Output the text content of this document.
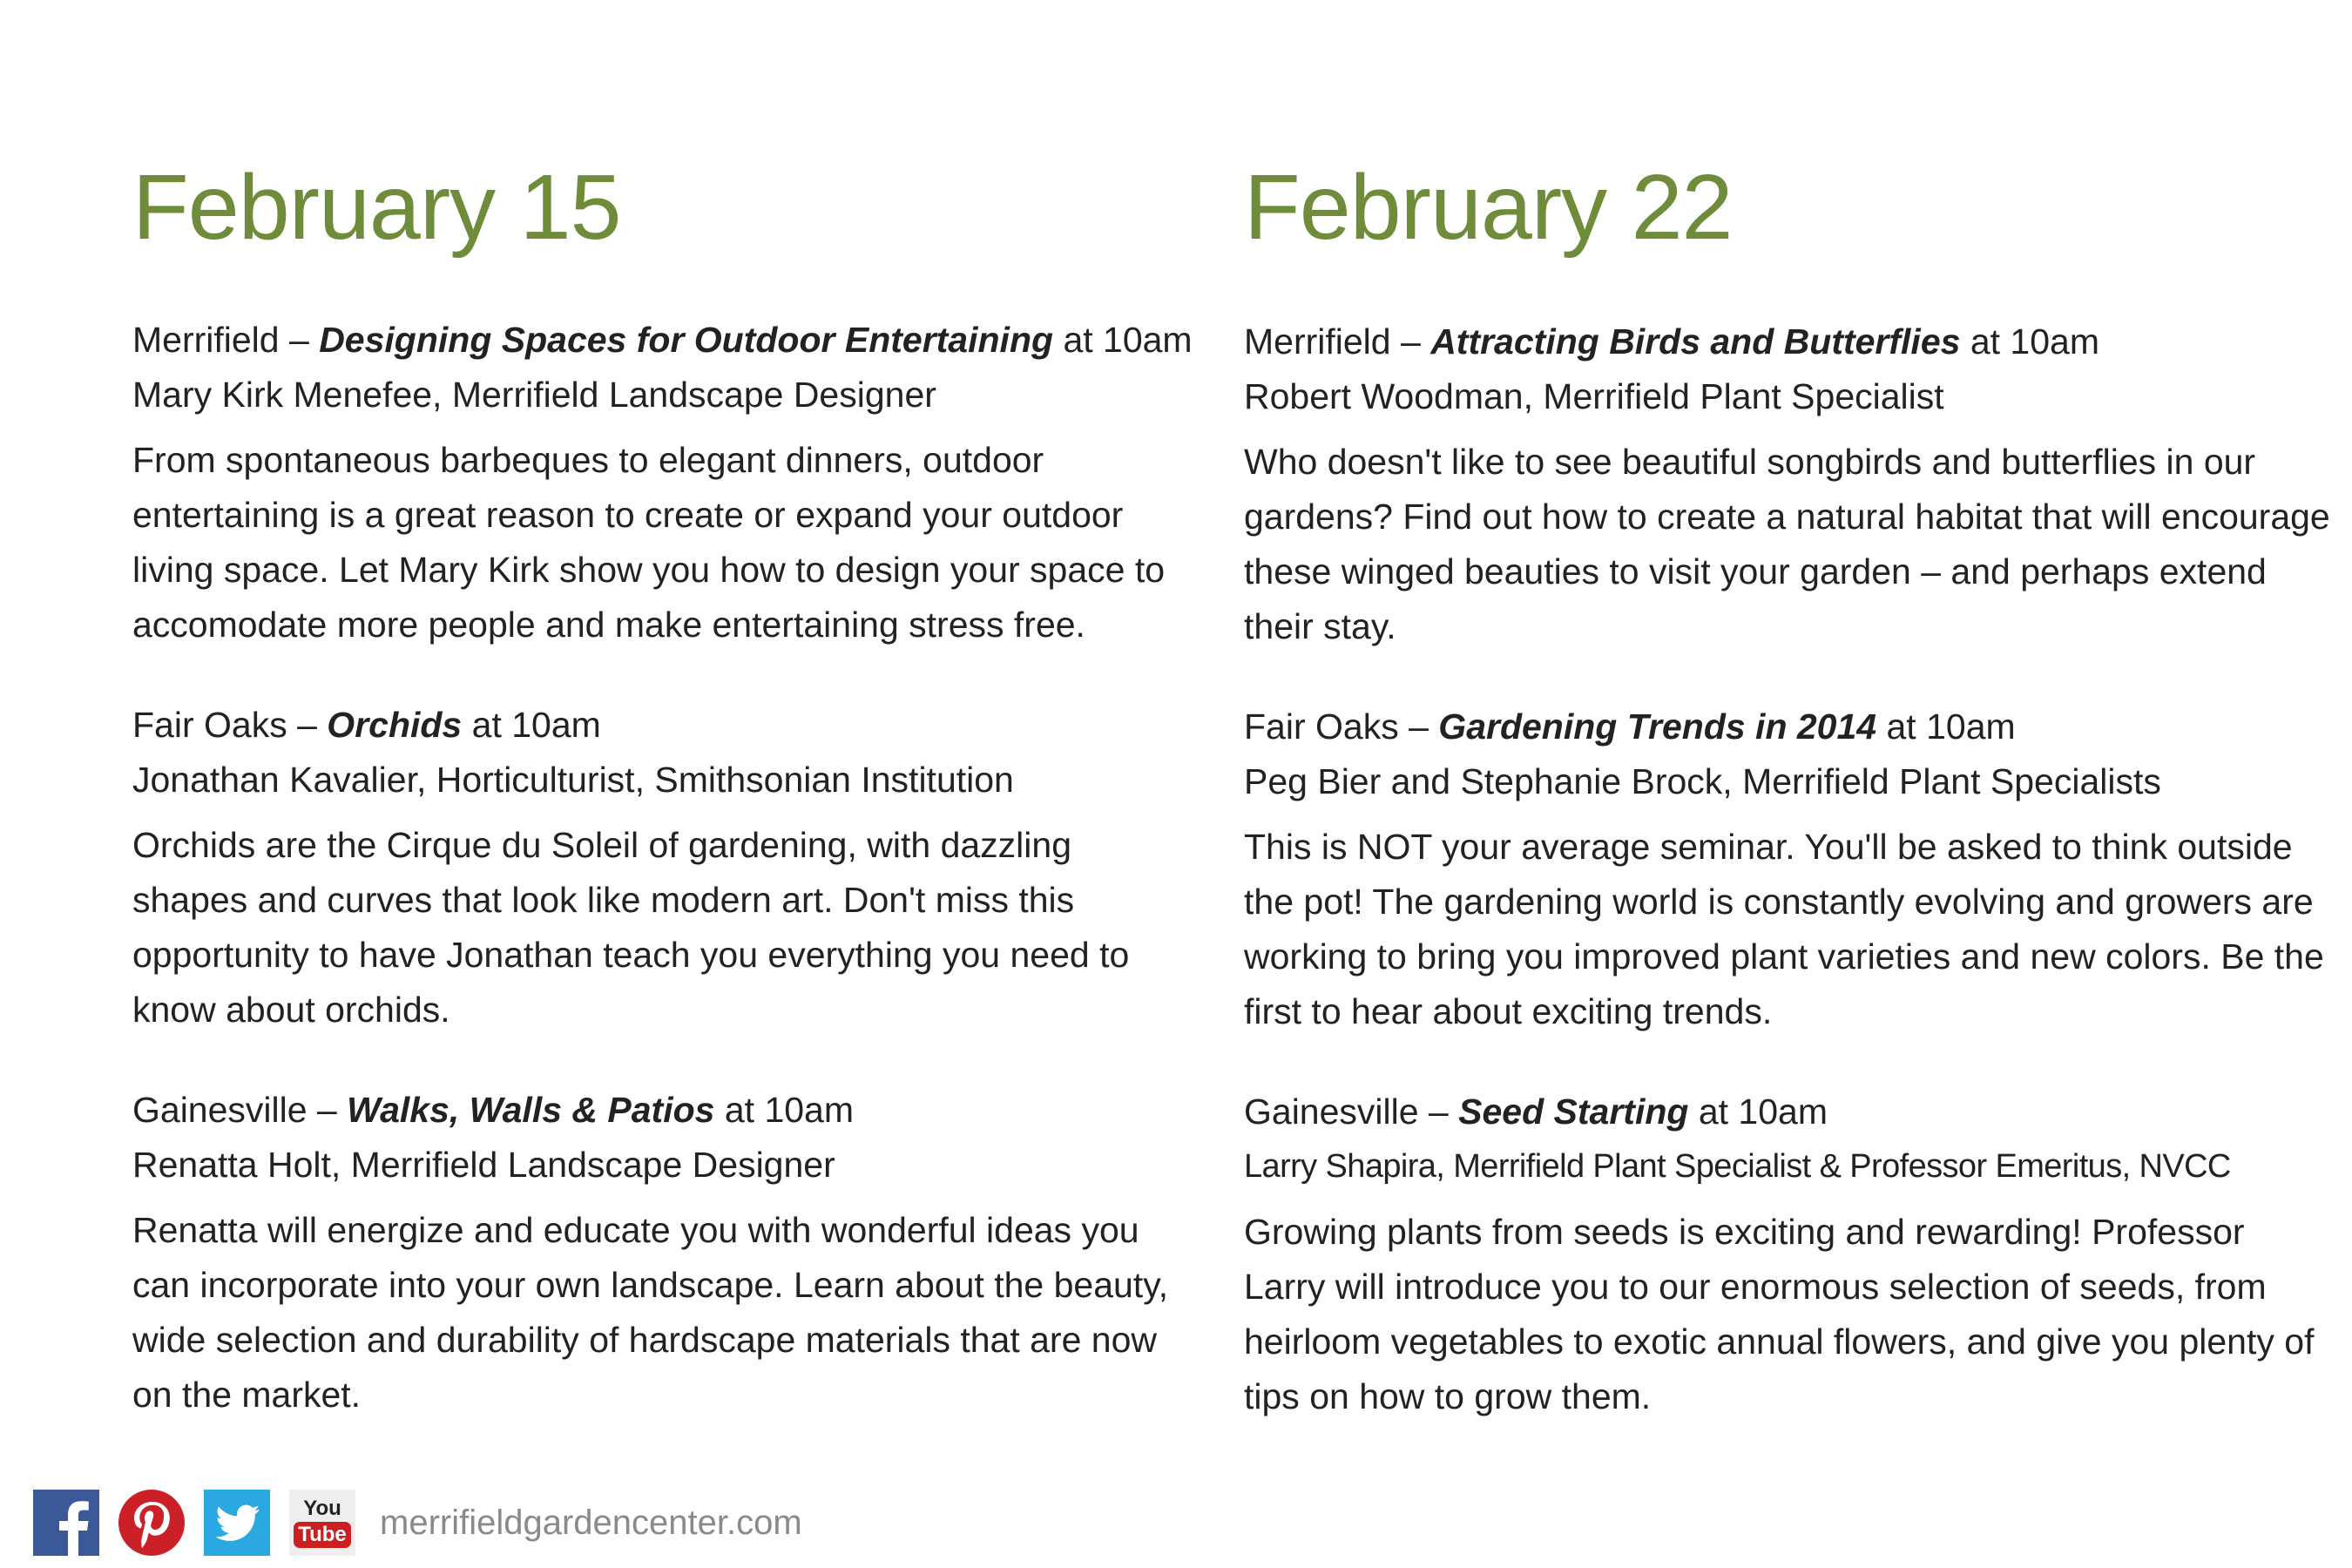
February 15
Merrifield – Designing Spaces for Outdoor Entertaining at 10am
Mary Kirk Menefee, Merrifield Landscape Designer

From spontaneous barbeques to elegant dinners, outdoor entertaining is a great reason to create or expand your outdoor living space. Let Mary Kirk show you how to design your space to accomodate more people and make entertaining stress free.

Fair Oaks – Orchids at 10am
Jonathan Kavalier, Horticulturist, Smithsonian Institution

Orchids are the Cirque du Soleil of gardening, with dazzling shapes and curves that look like modern art. Don't miss this opportunity to have Jonathan teach you everything you need to know about orchids.

Gainesville – Walks, Walls & Patios at 10am
Renatta Holt, Merrifield Landscape Designer

Renatta will energize and educate you with wonderful ideas you can incorporate into your own landscape. Learn about the beauty, wide selection and durability of hardscape materials that are now on the market.

February 22
Merrifield – Attracting Birds and Butterflies at 10am
Robert Woodman, Merrifield Plant Specialist

Who doesn't like to see beautiful songbirds and butterflies in our gardens? Find out how to create a natural habitat that will encourage these winged beauties to visit your garden – and perhaps extend their stay.

Fair Oaks – Gardening Trends in 2014 at 10am
Peg Bier and Stephanie Brock, Merrifield Plant Specialists

This is NOT your average seminar. You'll be asked to think outside the pot! The gardening world is constantly evolving and growers are working to bring you improved plant varieties and new colors. Be the first to hear about exciting trends.

Gainesville – Seed Starting at 10am
Larry Shapira, Merrifield Plant Specialist & Professor Emeritus, NVCC

Growing plants from seeds is exciting and rewarding! Professor Larry will introduce you to our enormous selection of seeds, from heirloom vegetables to exotic annual flowers, and give you plenty of tips on how to grow them.

You
Tube merrifieldgardencenter.com
